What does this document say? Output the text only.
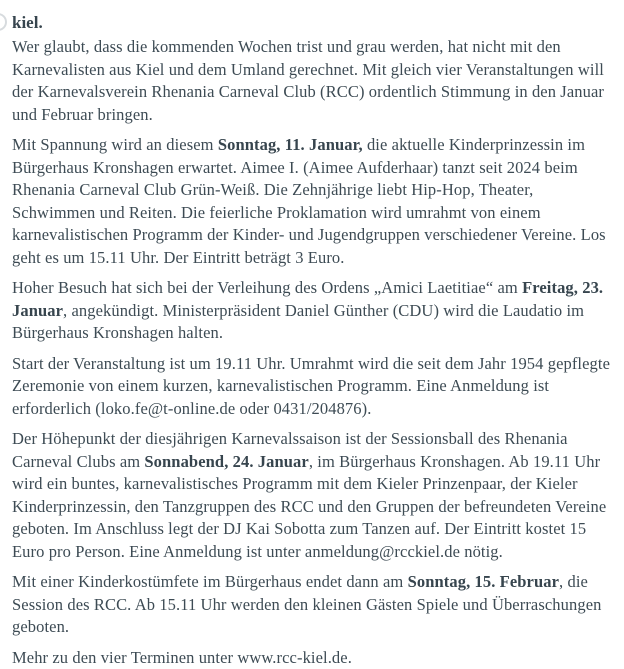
kiel.

Wer glaubt, dass die kommenden Wochen trist und grau werden, hat nicht mit den Karnevalisten aus Kiel und dem Umland gerechnet. Mit gleich vier Veranstaltungen will der Karnevalsverein Rhenania Carneval Club (RCC) ordentlich Stimmung in den Januar und Februar bringen.

Mit Spannung wird an diesem Sonntag, 11. Januar, die aktuelle Kinderprinzessin im Bürgerhaus Kronshagen erwartet. Aimee I. (Aimee Aufderhaar) tanzt seit 2024 beim Rhenania Carneval Club Grün-Weiß. Die Zehnjährige liebt Hip-Hop, Theater, Schwimmen und Reiten. Die feierliche Proklamation wird umrahmt von einem karnevalistischen Programm der Kinder- und Jugendgruppen verschiedener Vereine. Los geht es um 15.11 Uhr. Der Eintritt beträgt 3 Euro.

Hoher Besuch hat sich bei der Verleihung des Ordens „Amici Laetitiae“ am Freitag, 23. Januar, angekündigt. Ministerpräsident Daniel Günther (CDU) wird die Laudatio im Bürgerhaus Kronshagen halten.

Start der Veranstaltung ist um 19.11 Uhr. Umrahmt wird die seit dem Jahr 1954 gepflegte Zeremonie von einem kurzen, karnevalistischen Programm. Eine Anmeldung ist erforderlich (loko.fe@t-online.de oder 0431/204876).

Der Höhepunkt der diesjährigen Karnevalssaison ist der Sessionsball des Rhenania Carneval Clubs am Sonnabend, 24. Januar, im Bürgerhaus Kronshagen. Ab 19.11 Uhr wird ein buntes, karnevalistisches Programm mit dem Kieler Prinzenpaar, der Kieler Kinderprinzessin, den Tanzgruppen des RCC und den Gruppen der befreundeten Vereine geboten. Im Anschluss legt der DJ Kai Sobotta zum Tanzen auf. Der Eintritt kostet 15 Euro pro Person. Eine Anmeldung ist unter anmeldung@rcckiel.de nötig.

Mit einer Kinderkostümfete im Bürgerhaus endet dann am Sonntag, 15. Februar, die Session des RCC. Ab 15.11 Uhr werden den kleinen Gästen Spiele und Überraschungen geboten.

Mehr zu den vier Terminen unter www.rcc-kiel.de.
